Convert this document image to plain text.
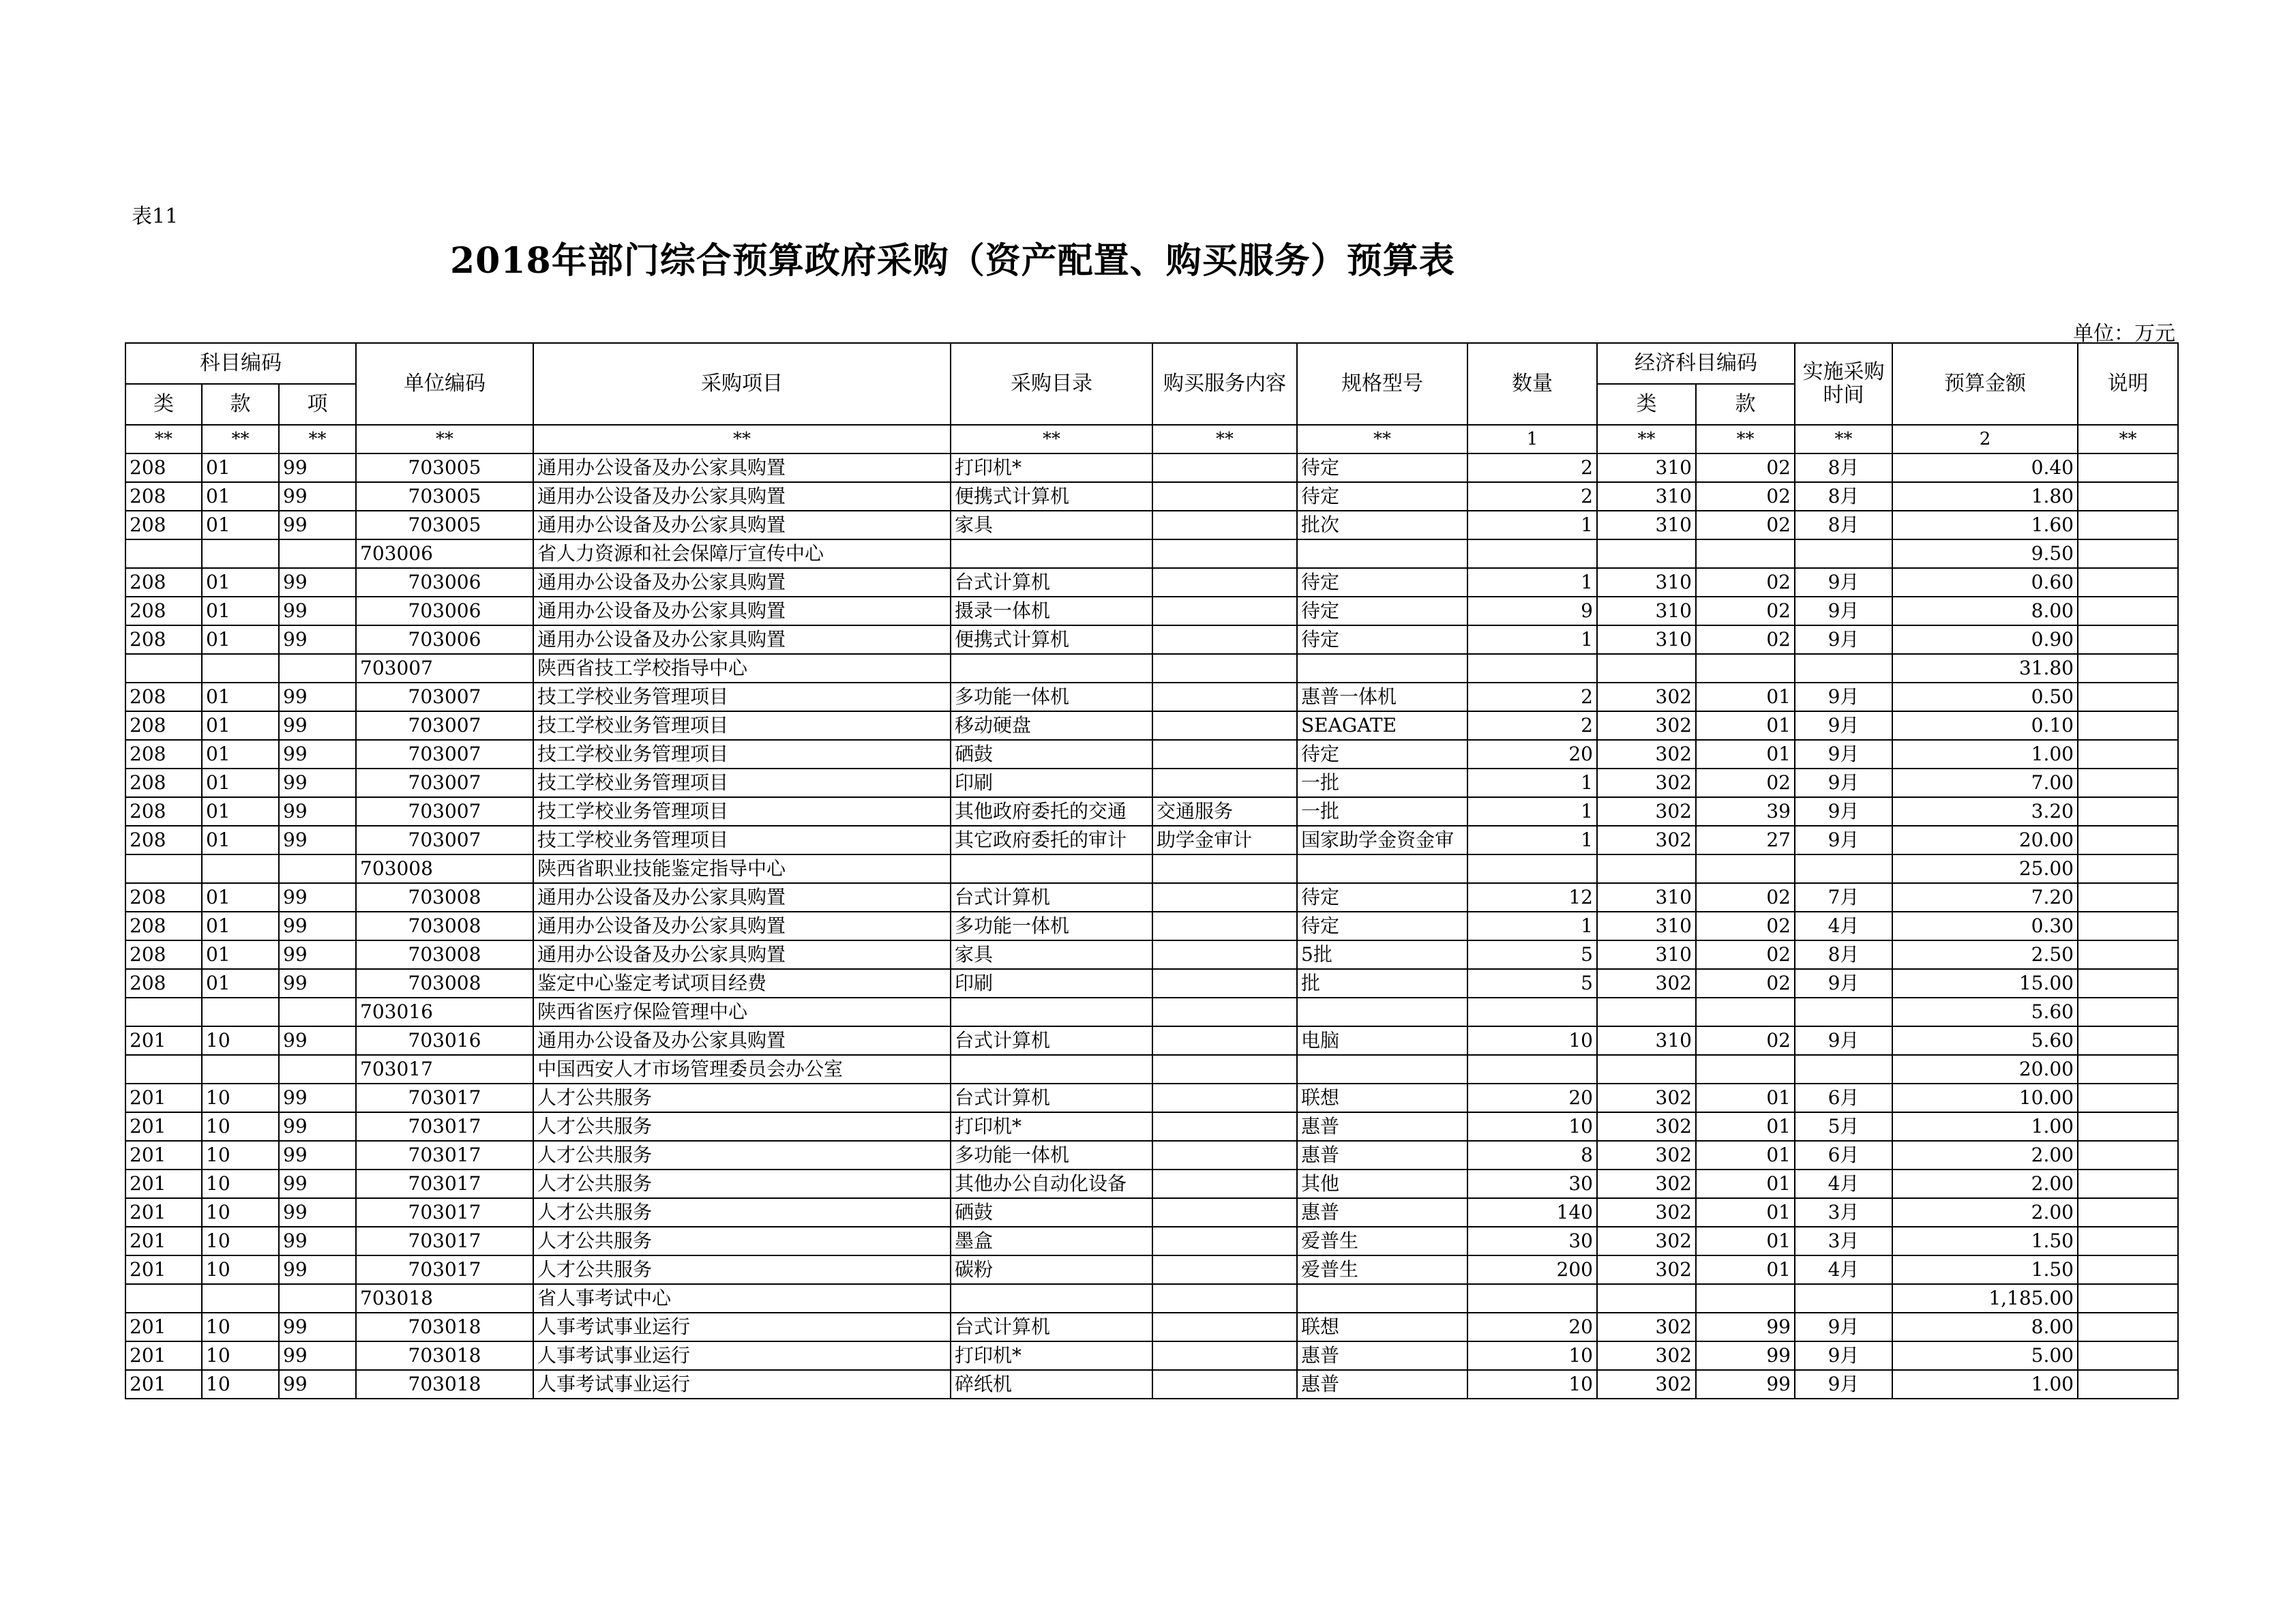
表11
2018年部门综合预算政府采购（资产配置、购买服务）预算表
单位：万元
科目编码			单位编码	采购项目	采购目录	购买服务内容	规格型号	数量	经济科目编码		实施采购
时间	预算金额	说明
类	款	项							类	款			
**	**	**	**	**	**	**	**	1	**	**	**	2	**
208	01	99	703005	通用办公设备及办公家具购置	打印机*		待定	2	310	02	8月	0.40	
208	01	99	703005	通用办公设备及办公家具购置	便携式计算机		待定	2	310	02	8月	1.80	
208	01	99	703005	通用办公设备及办公家具购置	家具		批次	1	310	02	8月	1.60	
			703006	省人力资源和社会保障厅宣传中心								9.50	
208	01	99	703006	通用办公设备及办公家具购置	台式计算机		待定	1	310	02	9月	0.60	
208	01	99	703006	通用办公设备及办公家具购置	摄录一体机		待定	9	310	02	9月	8.00	
208	01	99	703006	通用办公设备及办公家具购置	便携式计算机		待定	1	310	02	9月	0.90	
			703007	陕西省技工学校指导中心								31.80	
208	01	99	703007	技工学校业务管理项目	多功能一体机		惠普一体机	2	302	01	9月	0.50	
208	01	99	703007	技工学校业务管理项目	移动硬盘		SEAGATE	2	302	01	9月	0.10	
208	01	99	703007	技工学校业务管理项目	硒鼓		待定	20	302	01	9月	1.00	
208	01	99	703007	技工学校业务管理项目	印刷		一批	1	302	02	9月	7.00	
208	01	99	703007	技工学校业务管理项目	其他政府委托的交通	交通服务	一批	1	302	39	9月	3.20	
208	01	99	703007	技工学校业务管理项目	其它政府委托的审计	助学金审计	国家助学金资金审	1	302	27	9月	20.00	
			703008	陕西省职业技能鉴定指导中心								25.00	
208	01	99	703008	通用办公设备及办公家具购置	台式计算机		待定	12	310	02	7月	7.20	
208	01	99	703008	通用办公设备及办公家具购置	多功能一体机		待定	1	310	02	4月	0.30	
208	01	99	703008	通用办公设备及办公家具购置	家具		5批	5	310	02	8月	2.50	
208	01	99	703008	鉴定中心鉴定考试项目经费	印刷		批	5	302	02	9月	15.00	
			703016	陕西省医疗保险管理中心								5.60	
201	10	99	703016	通用办公设备及办公家具购置	台式计算机		电脑	10	310	02	9月	5.60	
			703017	中国西安人才市场管理委员会办公室								20.00	
201	10	99	703017	人才公共服务	台式计算机		联想	20	302	01	6月	10.00	
201	10	99	703017	人才公共服务	打印机*		惠普	10	302	01	5月	1.00	
201	10	99	703017	人才公共服务	多功能一体机		惠普	8	302	01	6月	2.00	
201	10	99	703017	人才公共服务	其他办公自动化设备		其他	30	302	01	4月	2.00	
201	10	99	703017	人才公共服务	硒鼓		惠普	140	302	01	3月	2.00	
201	10	99	703017	人才公共服务	墨盒		爱普生	30	302	01	3月	1.50	
201	10	99	703017	人才公共服务	碳粉		爱普生	200	302	01	4月	1.50	
			703018	省人事考试中心								1,185.00	
201	10	99	703018	人事考试事业运行	台式计算机		联想	20	302	99	9月	8.00	
201	10	99	703018	人事考试事业运行	打印机*		惠普	10	302	99	9月	5.00	
201	10	99	703018	人事考试事业运行	碎纸机		惠普	10	302	99	9月	1.00	
